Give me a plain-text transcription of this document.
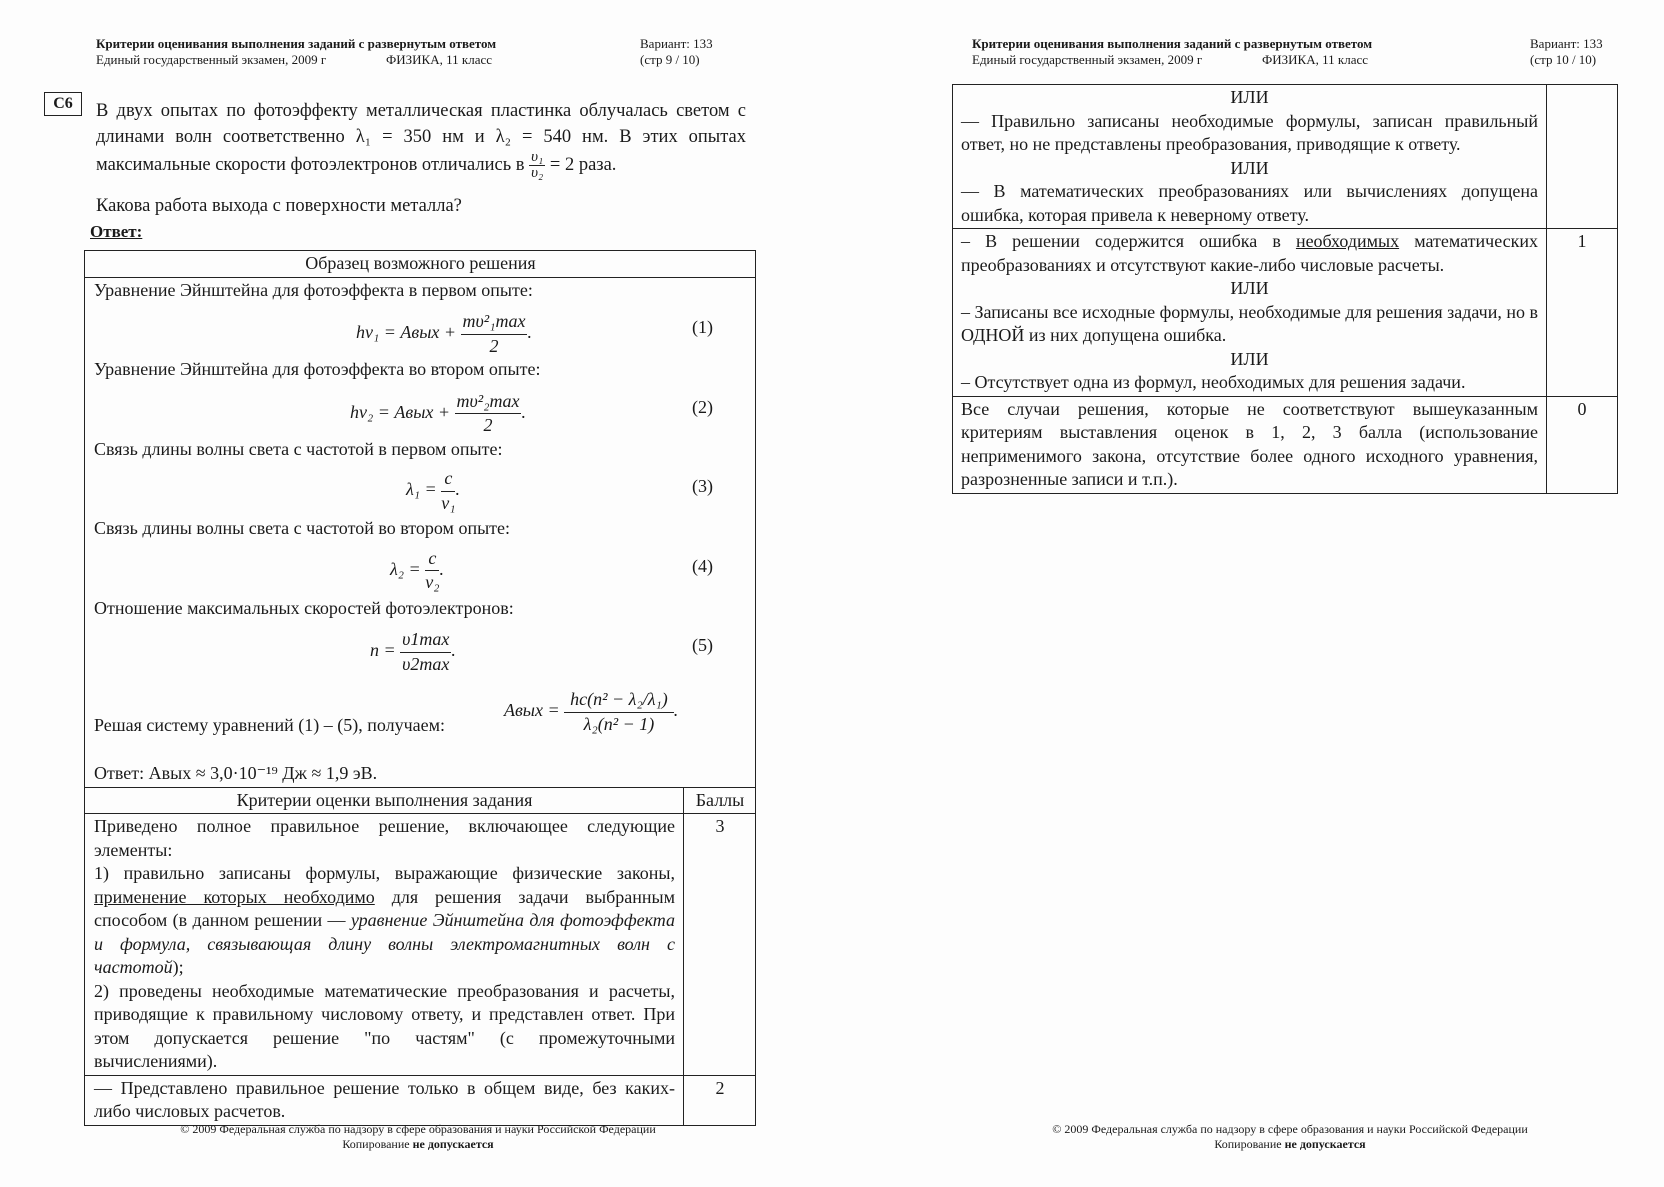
Критерии оценивания выполнения заданий с развернутым ответом
Единый государственный экзамен, 2009 г	ФИЗИКА, 11 класс
Вариант: 133
(стр 9 / 10)
С6	В двух опытах по фотоэффекту металлическая пластинка облучалась светом с длинами волн соответственно λ₁ = 350 нм и λ₂ = 540 нм. В этих опытах максимальные скорости фотоэлектронов отличались в $\frac{\text{υ₁}}{\text{υ₂}} = 2$ раза.
Какова работа выхода с поверхности металла?
Ответ:
Образец возможного решения	

Уравнение Эйнштейна для фотоэффекта в первом опыте:
hν₁ = Aвых + $\frac{\text{mυ²₁max}}{2}$ .	(1)
Уравнение Эйнштейна для фотоэффекта во втором опыте:
hν₂ = Aвых + $\frac{\text{mυ²₂max}}{2}$ .	(2)
Связь длины волны света с частотой в первом опыте:
$\lambda_1 = \frac{c}{\text{ν₁}}$ .	(3)
Связь длины волны света с частотой во втором опыте:
$\lambda_2 = \frac{c}{\text{ν₂}}$ .	(4)
Отношение максимальных скоростей фотоэлектронов:
$n = \frac{\upsilon 1\max}{\upsilon 2\max}$ .	(5)
Решая систему уравнений (1) – (5), получаем:
Aвых = $\frac{\text{hc(n² − λ₂/λ₁)}}{\text{λ₂(n² − 1)}}$ .
Ответ: Aвых ≈ 3,0·10⁻¹⁹ Дж ≈ 1,9 эВ.

Критерии оценки выполнения задания	Баллы

Приведено полное правильное решение, включающее следующие элементы:
1) правильно записаны формулы, выражающие физические законы, применение которых необходимо для решения задачи выбранным способом (в данном решении — уравнение Эйнштейна для фотоэффекта и формула, связывающая длину волны электромагнитных волн с частотой);
2) проведены необходимые математические преобразования и расчеты, приводящие к правильному числовому ответу, и представлен ответ. При этом допускается решение "по частям" (с промежуточными вычислениями).	3
— Представлено правильное решение только в общем виде, без каких-либо числовых расчетов.	2
© 2009 Федеральная служба по надзору в сфере образования и науки Российской Федерации
Копирование не допускается
Критерии оценивания выполнения заданий с развернутым ответом
Единый государственный экзамен, 2009 г	ФИЗИКА, 11 класс
Вариант: 133
(стр 10 / 10)
ИЛИ
— Правильно записаны необходимые формулы, записан правильный ответ, но не представлены преобразования, приводящие к ответу.
ИЛИ
— В математических преобразованиях или вычислениях допущена ошибка, которая привела к неверному ответу.	

– В решении содержится ошибка в необходимых математических преобразованиях и отсутствуют какие-либо числовые расчеты.
ИЛИ
– Записаны все исходные формулы, необходимые для решения задачи, но в ОДНОЙ из них допущена ошибка.
ИЛИ
– Отсутствует одна из формул, необходимых для решения задачи.	1
Все случаи решения, которые не соответствуют вышеуказанным критериям выставления оценок в 1, 2, 3 балла (использование неприменимого закона, отсутствие более одного исходного уравнения, разрозненные записи и т.п.).	0
© 2009 Федеральная служба по надзору в сфере образования и науки Российской Федерации
Копирование не допускается
